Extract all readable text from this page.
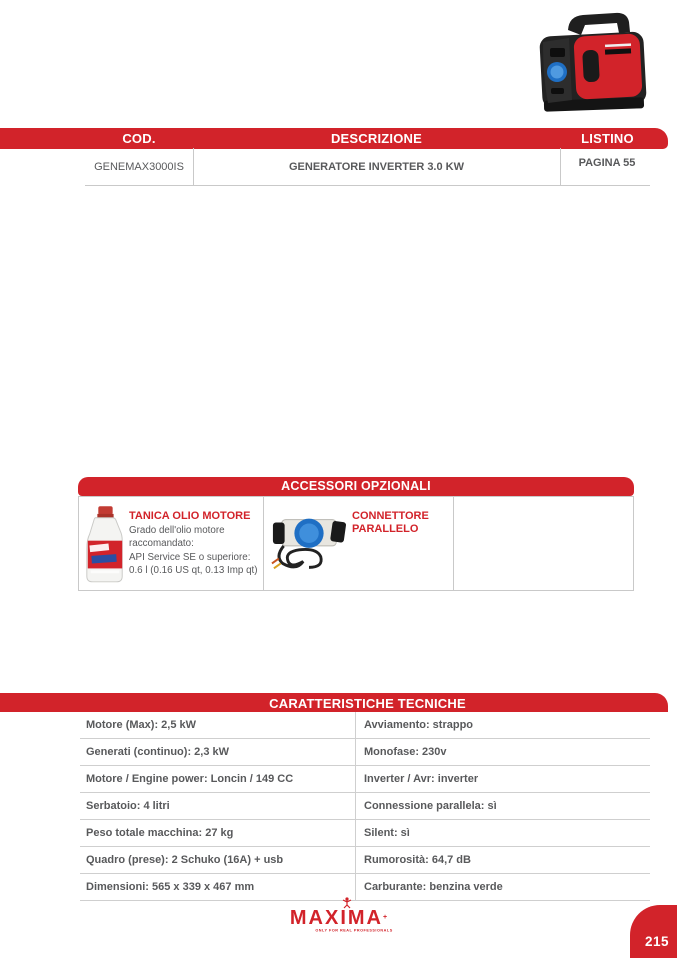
COD.	DESCRIZIONE	LISTINO
GENEMAX3000IS	GENERATORE INVERTER 3.0 KW	PAGINA 55
ACCESSORI OPZIONALI
TANICA OLIO MOTORE
Grado dell'olio motore
raccomandato:
API Service SE o superiore:
0.6 l (0.16 US qt, 0.13 Imp qt)
CONNETTORE PARALLELO
CARATTERISTICHE TECNICHE
Motore (Max): 2,5 kW	Avviamento: strappo
Generati (continuo): 2,3 kW	Monofase: 230v
Motore / Engine power: Loncin / 149 CC	Inverter / Avr: inverter
Serbatoio: 4 litri	Connessione parallela: sì
Peso totale macchina: 27 kg	Silent: sì
Quadro (prese): 2 Schuko (16A) + usb	Rumorosità: 64,7 dB
Dimensioni: 565 x 339 x 467 mm	Carburante: benzina verde
MAXIMA+
ONLY FOR REAL PROFESSIONALS
215
